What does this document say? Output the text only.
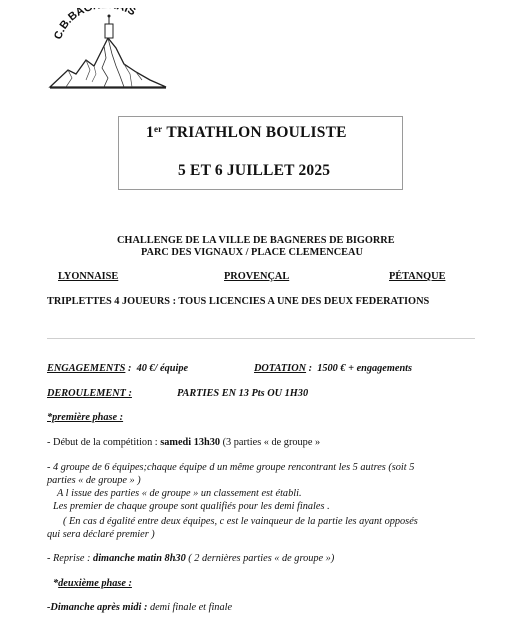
C.B.BAG IS
1er TRIATHLON BOULISTE
5 ET 6 JUILLET 2025
CHALLENGE DE LA VILLE DE BAGNERES DE BIGORRE
PARC DES VIGNAUX / PLACE CLEMENCEAU
LYONNAISE	PROVENÇAL	PÉTANQUE
TRIPLETTES 4 JOUEURS : TOUS LICENCIES A UNE DES DEUX FEDERATIONS
ENGAGEMENTS : 40 €/ équipe	DOTATION : 1500 € + engagements
DEROULEMENT :	PARTIES EN 13 Pts OU 1H30
*première phase :
- Début de la compétition : samedi 13h30 (3 parties « de groupe »
- 4 groupe de 6 équipes;chaque équipe d un même groupe rencontrant les 5 autres (soit 5
parties « de groupe » )
A l issue des parties « de groupe » un classement est établi.
Les premier de chaque groupe sont qualifiés pour les demi finales .
( En cas d égalité entre deux équipes, c est le vainqueur de la partie les ayant opposés
qui sera déclaré premier )
- Reprise : dimanche matin 8h30 ( 2 dernières parties « de groupe »)
*deuxième phase :
-Dimanche après midi : demi finale et finale
